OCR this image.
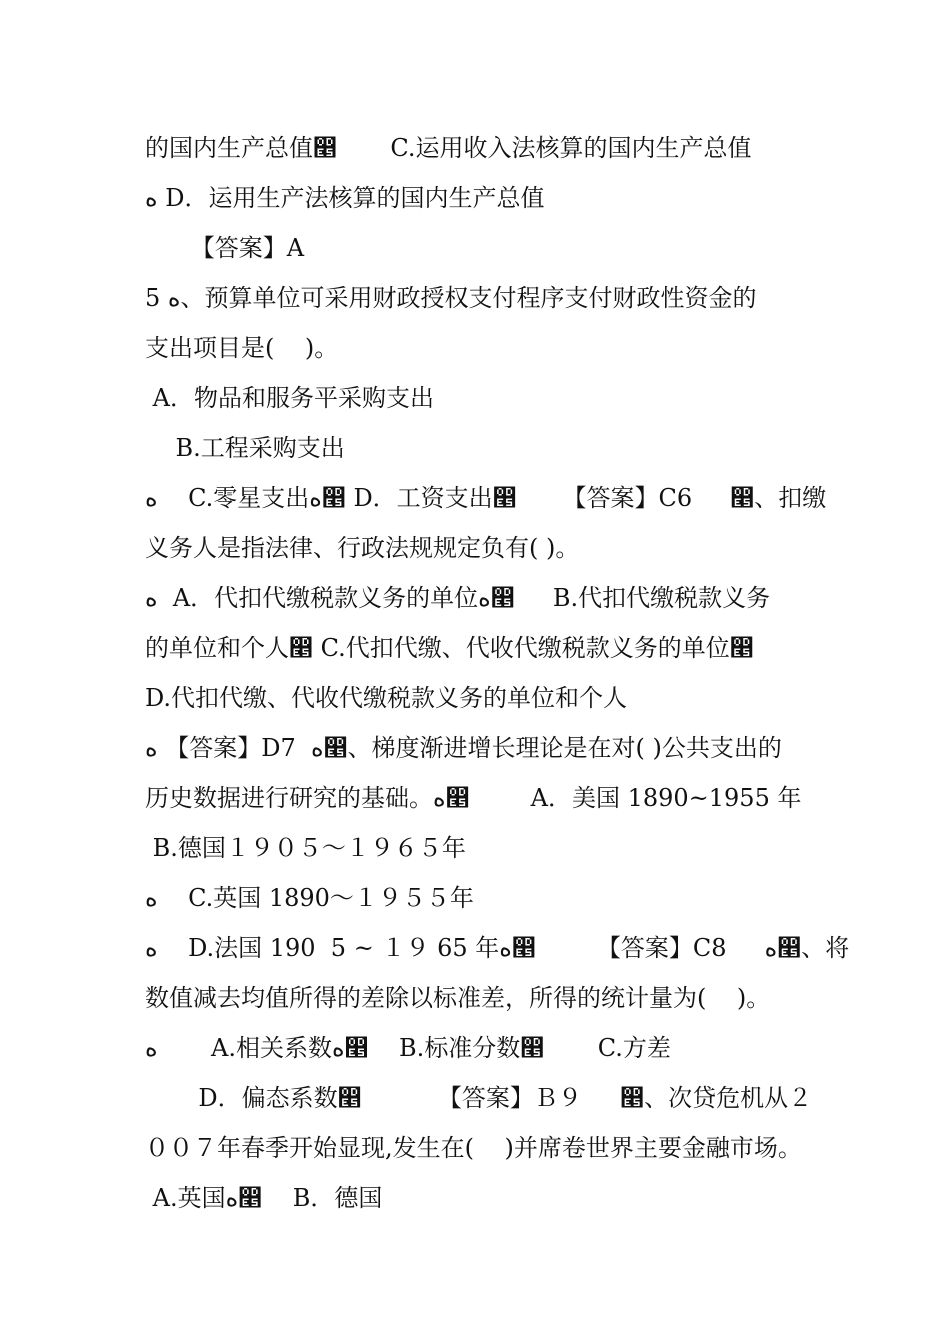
的国内生产总值෥       C.运用收入法核算的国内生产总值
ە D．运用生产法核算的国内生产总值
【答案】A
5 ە、预算单位可采用财政授权支付程序支付财政性资金的
支出项目是(    )。
A．物品和服务平采购支出
B.工程采购支出
ە    C.零星支出ە෥ D．工资支出෥      【答案】C6     ෥、扣缴
义务人是指法律、行政法规规定负有( )。
ە  A．代扣代缴税款义务的单位ە෥     B.代扣代缴税款义务
的单位和个人෥ C.代扣代缴、代收代缴税款义务的单位෥
D.代扣代缴、代收代缴税款义务的单位和个人
ە 【答案】D7  ە෥、梯度渐进增长理论是在对( )公共支出的
历史数据进行研究的基础。ە෥        A．美国 1890~1955 年
B.德国１９０５～１９６５年
ە    C.英国 1890～１９５５年
ە    D.法国 190  5 ~ １９ 65 年ە෥        【答案】C8     ە෥、将
数值减去均值所得的差除以标准差，所得的统计量为(    )。
ە       A.相关系数ە෥    B.标准分数෥       C.方差
D．偏态系数෥          【答案】Ｂ９     ෥、次贷危机从２
００７年春季开始显现,发生在(    )并席卷世界主要金融市场。
A.英国ە෥    B．德国
